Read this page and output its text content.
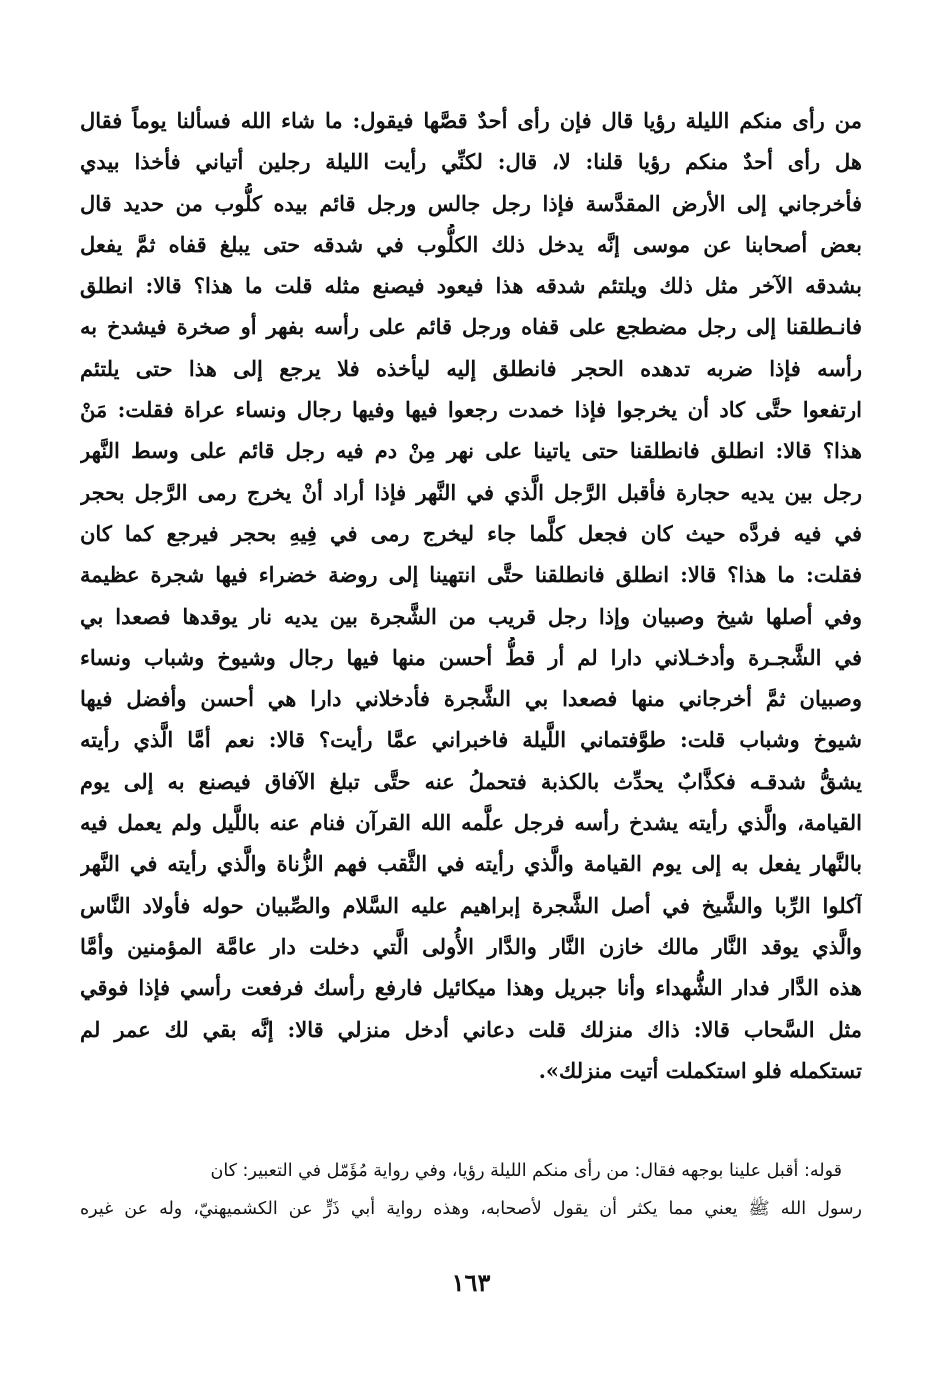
من رأى منكم الليلة رؤيا قال فإن رأى أحدٌ قصَّها فيقول: ما شاء الله فسألنا يوماً فقال
هل رأى أحدٌ منكم رؤيا قلنا: لا، قال: لكنِّي رأيت الليلة رجلين أتياني فأخذا بيدي
فأخرجاني إلى الأرض المقدَّسة فإذا رجل جالس ورجل قائم بيده كلُّوب من حديد قال
بعض أصحابنا عن موسى إنَّه يدخل ذلك الكلُّوب في شدقه حتى يبلغ قفاه ثمَّ يفعل
بشدقه الآخر مثل ذلك ويلتئم شدقه هذا فيعود فيصنع مثله قلت ما هذا؟ قالا: انطلق
فانـطلقنا إلى رجل مضطجع على قفاه ورجل قائم على رأسه بفهر أو صخرة فيشدخ به
رأسه فإذا ضربه تدهده الحجر فانطلق إليه ليأخذه فلا يرجع إلى هذا حتى يلتئم
ارتفعوا حتَّى كاد أن يخرجوا فإذا خمدت رجعوا فيها وفيها رجال ونساء عراة فقلت: مَنْ
هذا؟ قالا: انطلق فانطلقنا حتى ياتينا على نهر مِنْ دم فيه رجل قائم على وسط النَّهر
رجل بين يديه حجارة فأقبل الرَّجل الَّذي في النَّهر فإذا أراد أنْ يخرج رمى الرَّجل بحجر
في فيه فردَّه حيث كان فجعل كلَّما جاء ليخرج رمى في فِيهِ بحجر فيرجع كما كان
فقلت: ما هذا؟ قالا: انطلق فانطلقنا حتَّى انتهينا إلى روضة خضراء فيها شجرة عظيمة
وفي أصلها شيخ وصبيان وإذا رجل قريب من الشَّجرة بين يديه نار يوقدها فصعدا بي
في الشَّجـرة وأدخـلاني دارا لم أر قطُّ أحسن منها فيها رجال وشيوخ وشباب ونساء
وصبيان ثمَّ أخرجاني منها فصعدا بي الشَّجرة فأدخلاني دارا هي أحسن وأفضل فيها
شيوخ وشباب قلت: طوَّفتماني اللَّيلة فاخبراني عمَّا رأيت؟ قالا: نعم أمَّا الَّذي رأيته
يشقُّ شدقـه فكذَّابٌ يحدِّث بالكذبة فتحملُ عنه حتَّى تبلغ الآفاق فيصنع به إلى يوم
القيامة، والَّذي رأيته يشدخ رأسه فرجل علَّمه الله القرآن فنام عنه باللَّيل ولم يعمل فيه
بالنَّهار يفعل به إلى يوم القيامة والَّذي رأيته في الثَّقب فهم الزُّناة والَّذي رأيته في النَّهر
آكلوا الرِّبا والشَّيخ في أصل الشَّجرة إبراهيم عليه السَّلام والصِّبيان حوله فأولاد النَّاس
والَّذي يوقد النَّار مالك خازن النَّار والدَّار الأُولى الَّتي دخلت دار عامَّة المؤمنين وأمَّا
هذه الدَّار فدار الشُّهداء وأنا جبريل وهذا ميكائيل فارفع رأسك فرفعت رأسي فإذا فوقي
مثل السَّحاب قالا: ذاك منزلك قلت دعاني أدخل منزلي قالا: إنَّه بقي لك عمر لم
تستكمله فلو استكملت أتيت منزلك».
قوله: أقبل علينا بوجهه فقال: من رأى منكم الليلة رؤيا، وفي رواية مُؤَمّل في التعبير: كان
رسول الله ﷺ يعني مما يكثر أن يقول لأصحابه، وهذه رواية أبي ذَرٍّ عن الكشميهنيّ، وله عن غيره
١٦٣
